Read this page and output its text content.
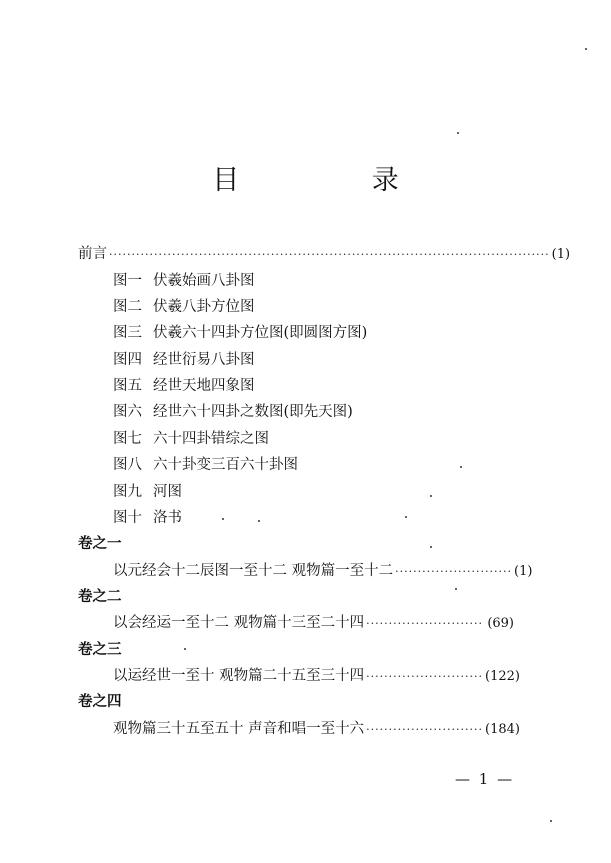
目 录
前言 ·································································································· (1)
图一 伏羲始画八卦图
图二 伏羲八卦方位图
图三 伏羲六十四卦方位图(即圆图方图)
图四 经世衍易八卦图
图五 经世天地四象图
图六 经世六十四卦之数图(即先天图)
图七 六十四卦错综之图
图八 六十卦变三百六十卦图
图九 河图
图十 洛书
卷之一
以元经会十二辰图一至十二 观物篇一至十二 ·························· (1)
卷之二
以会经运一至十二 观物篇十三至二十四 ·························· (69)
卷之三
以运经世一至十 观物篇二十五至三十四 ·························· (122)
卷之四
观物篇三十五至五十 声音和唱一至十六 ·························· (184)
— 1 —
